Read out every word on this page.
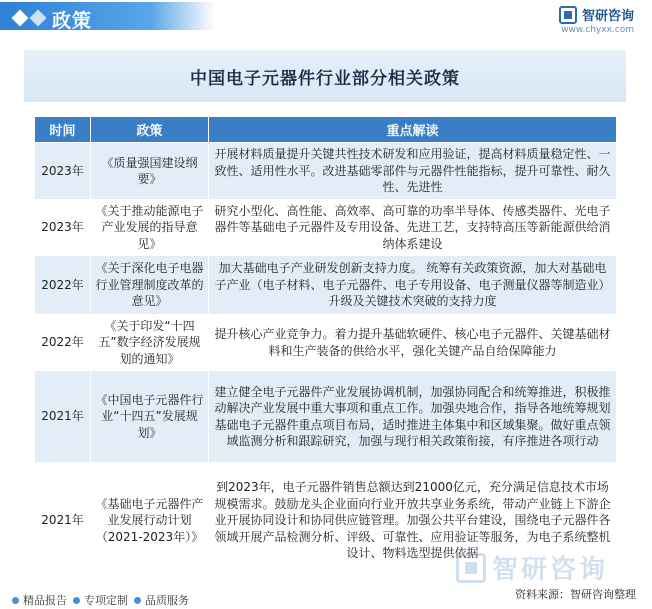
政策	智研咨询
www.chyxx.com
中国电子元器件行业部分相关政策
时间	政策	重点解读
2023年	《质量强国建设纲要》	开展材料质量提升关键共性技术研发和应用验证，提高材料质量稳定性、一致性、适用性水平。改进基础零部件与元器件性能指标，提升可靠性、耐久性、先进性
2023年	《关于推动能源电子产业发展的指导意见》	研究小型化、高性能、高效率、高可靠的功率半导体、传感类器件、光电子器件等基础电子元器件及专用设备、先进工艺，支持特高压等新能源供给消纳体系建设
2022年	《关于深化电子电器行业管理制度改革的意见》	加大基础电子产业研发创新支持力度。 统筹有关政策资源，加大对基础电子产业（电子材料、电子元器件、电子专用设备、电子测量仪器等制造业）升级及关键技术突破的支持力度
2022年	《关于印发“十四五”数字经济发展规划的通知》	提升核心产业竞争力。着力提升基础软硬件、核心电子元器件、关键基础材料和生产装备的供给水平，强化关键产品自给保障能力
2021年	《中国电子元器件行业“十四五”发展规划》	建立健全电子元器件产业发展协调机制，加强协同配合和统筹推进，积极推动解决产业发展中重大事项和重点工作。加强央地合作，指导各地统筹规划基础电子元器件重点项目布局，适时推进主体集中和区域集聚。做好重点领域监测分析和跟踪研究，加强与现行相关政策衔接，有序推进各项行动
2021年	《基础电子元器件产业发展行动计划（2021-2023年）》	到2023年，电子元器件销售总额达到21000亿元，充分满足信息技术市场规模需求。鼓励龙头企业面向行业开放共享业务系统，带动产业链上下游企业开展协同设计和协同供应链管理。加强公共平台建设，围绕电子元器件各领域开展产品检测分析、评级、可靠性、应用验证等服务，为电子系统整机设计、物料选型提供依据
智研咨询
精品报告 专项定制 品质服务	资料来源：智研咨询整理
